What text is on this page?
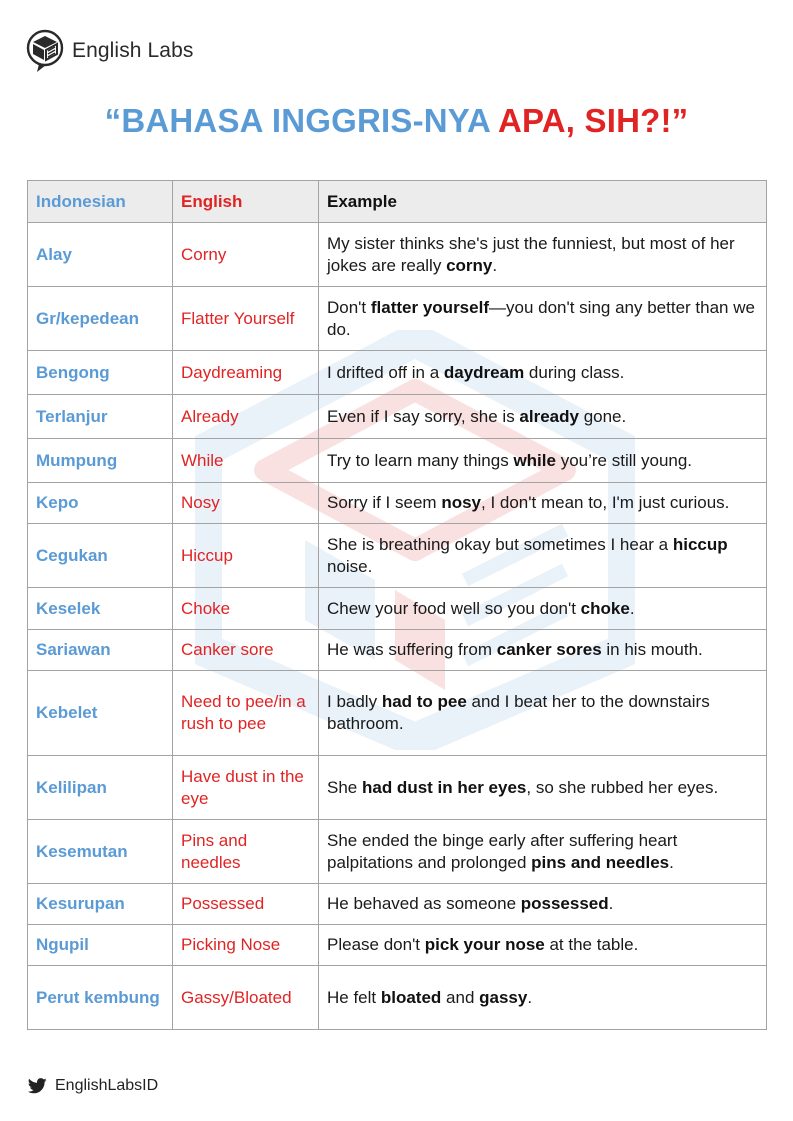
English Labs
“BAHASA INGGRIS-NYA APA, SIH?!”
Indonesian	English	Example
Alay	Corny	My sister thinks she's just the funniest, but most of her jokes are really corny.
Gr/kepedean	Flatter Yourself	Don't flatter yourself—you don't sing any better than we do.
Bengong	Daydreaming	I drifted off in a daydream during class.
Terlanjur	Already	Even if I say sorry, she is already gone.
Mumpung	While	Try to learn many things while you’re still young.
Kepo	Nosy	Sorry if I seem nosy, I don't mean to, I'm just curious.
Cegukan	Hiccup	She is breathing okay but sometimes I hear a hiccup noise.
Keselek	Choke	Chew your food well so you don't choke.
Sariawan	Canker sore	He was suffering from canker sores in his mouth.
Kebelet	Need to pee/in a rush to pee	I badly had to pee and I beat her to the downstairs bathroom.
Kelilipan	Have dust in the eye	She had dust in her eyes, so she rubbed her eyes.
Kesemutan	Pins and needles	She ended the binge early after suffering heart palpitations and prolonged pins and needles.
Kesurupan	Possessed	He behaved as someone possessed.
Ngupil	Picking Nose	Please don't pick your nose at the table.
Perut kembung	Gassy/Bloated	He felt bloated and gassy.
EnglishLabsID
